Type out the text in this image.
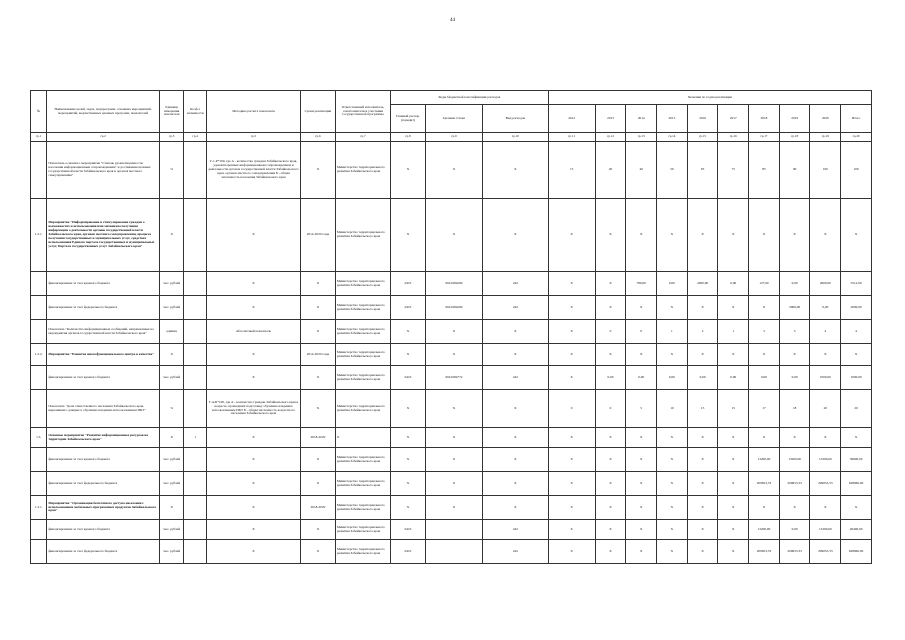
44
№	Наименование целей, задач, подпрограмм, основных мероприятий, мероприятий, ведомственных целевых программ, показателей	Единица измерения показателя	Коэф-т значимости	Методика расчета показателя	Сроки реализации	Ответственный исполнитель, соисполнители и участники государственной программы	Коды бюджетной классификации расходов			Значения по годам реализации									
							Главный распор. (порядит)	Целевая статья	Вид расходов	2012	2013	2014	2015	2016	2017	2018	2019	2020	Итого
гр.1	гр.2	гр.3	гр.4	гр.5	гр.6	гр.7	гр.8	гр.9	гр.10	гр.11	гр.12	гр.13	гр.14	гр.15	гр.16	гр.17	гр.18	гр.19	гр.20
	Показатель основного мероприятия "Степень удовлетворенности населения информационным сопровождением" и достижения целевых государственной власти Забайкальского края и органов местного самоуправления"	%		Г-1-Р*100, где А - количество граждан Забайкальского края, удовлетворенных информационным сопровождением и деятельности органов государственной власти Забайкальского края, органов местного самоуправления Б - общая численность населения Забайкальского края	Х	Министерство территориального развития Забайкальского края	Х	Х	Х	15	20	40	50	65	75	85	90	100	100
1.2.1.	Мероприятие "Информирование и стимулирование граждан о возможностях и использования ими механизма получения информации о деятельности органов государственной власти Забайкальского края, органов местного самоуправления, процесса получения государственных и муниципальных услуг, средствах использования Единого портала государственных и муниципальных услуг, Портала государственных услуг Забайкальского края"	Х		Х	2014-2020 годы	Министерство территориального развития Забайкальского края	Х	Х	Х	Х	Х	Х	Х	Х	Х	Х	Х	Х	Х
	финансирование за счет краевого бюджета	тыс. рублей		Х	Х	Министерство территориального развития Забайкальского края	0410	0610284290	242	Х	Х	780,00	0,00	2000,00	0,00	127,00	0,00	2600,00	5512,00
	финансирование за счет федерального бюджета	тыс. рублей		Х	Х	Министерство территориального развития Забайкальского края	0410	0610284290	242	Х	Х	Х	Х	Х	Х	Х	2000,00	0,00	2000,00
	Показатель "Количество информационных сообщений, направленных на мероприятия органов государственной власти Забайкальского края"	единиц		Абсолютный показатель	Х	Министерство территориального развития Забайкальского края	Х	Х	Х	Х	0	0	1	2	1	3	3	4	4
1.2.2.	Мероприятие "Развитие многофункционального центра в качестве"	Х		Х	2014-2020 годы	Министерство территориального развития Забайкальского края	Х	Х	Х	Х	Х	Х	Х	Х	Х	Х	Х	Х	Х
	финансирование за счет краевого бюджета	тыс. рублей		Х	Х	Министерство территориального развития Забайкальского края	0410	0610284772	242	Х	0,00	0,00	0,00	0,00	0,00	0,00	0,00	1000,00	1000,00
	Показатель "Доля ответственного населения Забайкальского края, выразившего доверие к обучению владению использованием ИКТ"	%		Г-А/Б*100, где А - количество граждан Забайкальского края в возрасте, прошедших подготовку обучению владению использованием ИКТ Б - общая численность возрастного населения Забайкальского края	Х	Министерство территориального развития Забайкальского края	Х	Х	Х	0	0	5	10	15	15	17	18	20	20
1.3.	Основное мероприятие "Развитие информационных ресурсов на территории Забайкальского края"	Х	1	Х	2018-2020	Х	Х	Х	Х	Х	Х	Х	Х	Х	Х	Х	Х	Х	Х
	финансирование за счет краевого бюджета	тыс. рублей		Х	Х	Министерство территориального развития Забайкальского края	Х	Х	Х	Х	Х	Х	Х	Х	Х	13200,00	13200,00	13200,00	39600,00
	финансирование за счет федерального бюджета	тыс. рублей		Х	Х	Министерство территориального развития Забайкальского края	Х	Х	Х	Х	Х	Х	Х	Х	Х	209653,33	209653,33	209653,33	628960,00
1.3.1.	Мероприятие "Организация бесплатного доступа населения с использованием мобильных программных продуктов Забайкальского края"	Х		Х	2018-2020	Министерство территориального развития Забайкальского края	Х	Х	Х	Х	Х	Х	Х	Х	Х	Х	Х	Х	Х
	финансирование за счет краевого бюджета	тыс. рублей		Х	Х	Министерство территориального развития Забайкальского края	0410		242	Х	Х	Х	Х	Х	Х	13200,00	0,00	13200,00	26400,00
	финансирование за счет федерального бюджета	тыс. рублей		Х	Х	Министерство территориального развития Забайкальского края	0410		242	Х	Х	Х	Х	Х	Х	209653,33	209653,33	209653,33	628960,00
